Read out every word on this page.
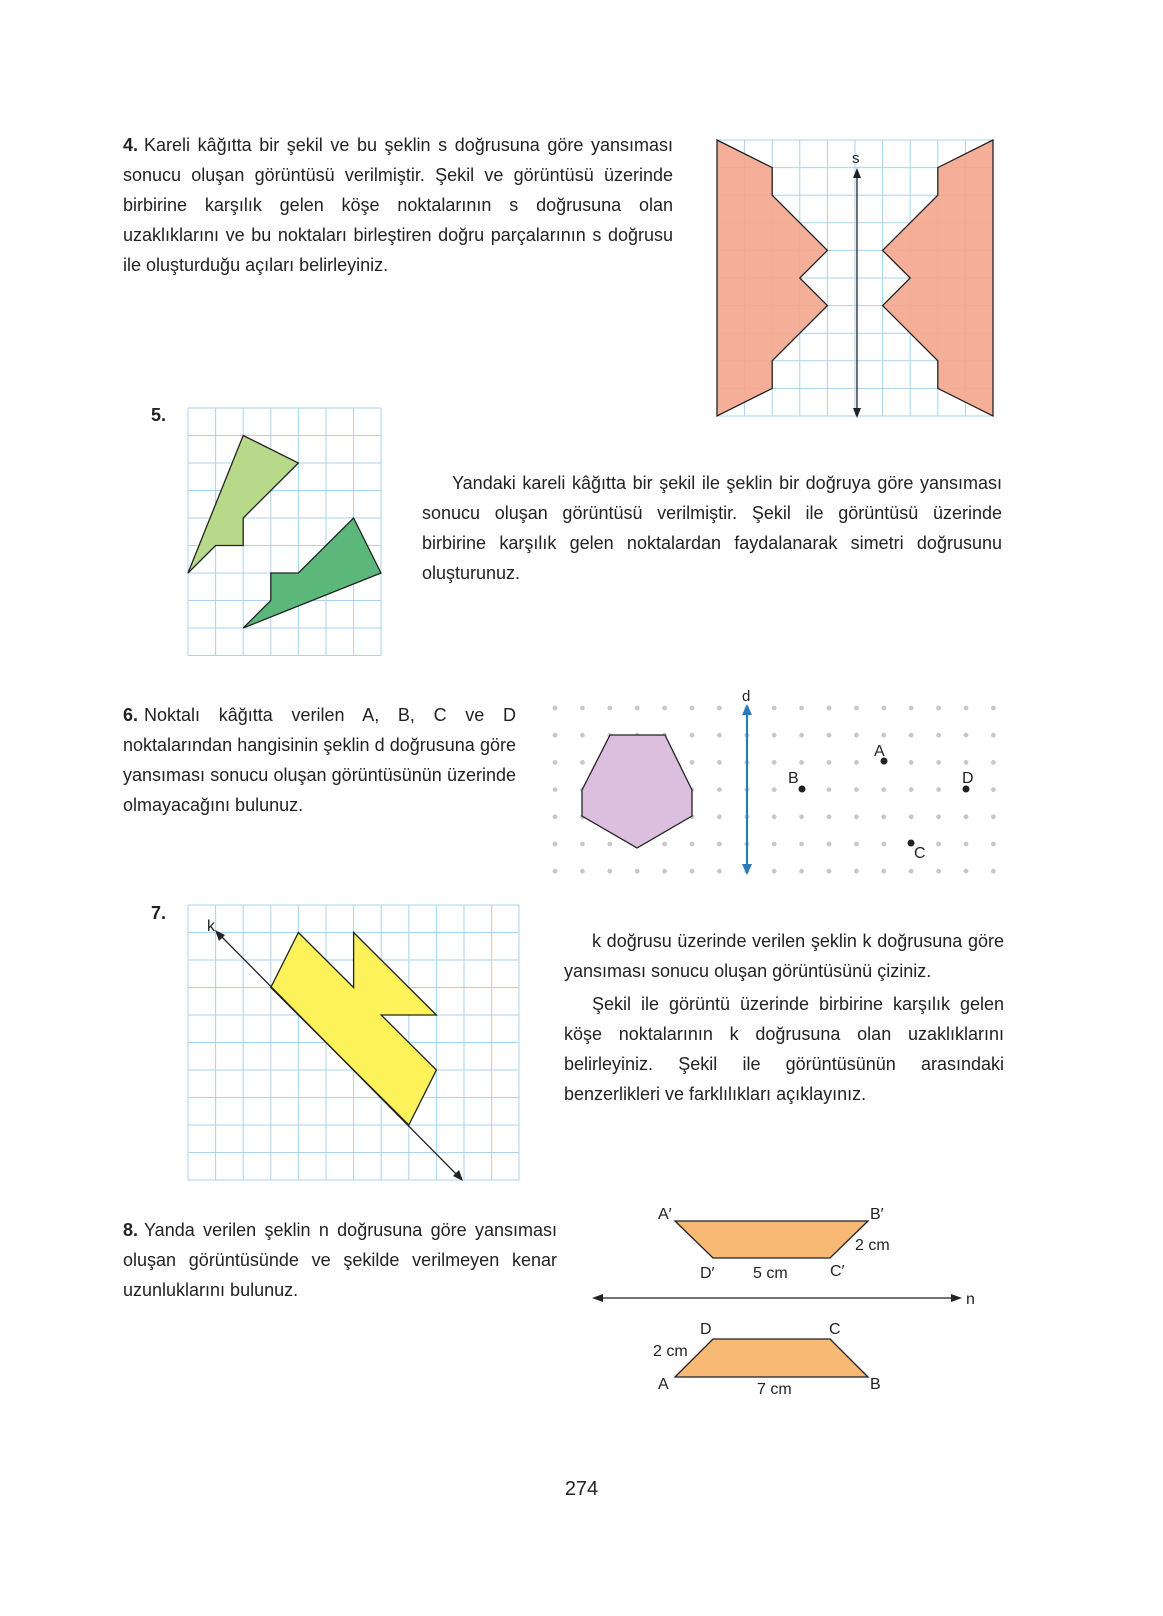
4. Kareli kâğıtta bir şekil ve bu şeklin s doğrusuna göre yansıması sonucu oluşan görüntüsü verilmiştir. Şekil ve görüntüsü üzerinde birbirine karşılık gelen köşe noktalarının s doğrusuna olan uzaklıklarını ve bu noktaları birleştiren doğru parçalarının s doğrusu ile oluşturduğu açıları belirleyiniz.

s
5.

Yandaki kareli kâğıtta bir şekil ile şeklin bir doğruya göre yansıması sonucu oluşan görüntüsü verilmiştir. Şekil ile görüntüsü üzerinde birbirine karşılık gelen noktalardan faydalanarak simetri doğrusunu oluşturunuz.

6. Noktalı kâğıtta verilen A, B, C ve D noktalarından hangisinin şeklin d doğrusuna göre yansıması sonucu oluşan görüntüsünün üzerinde olmayacağını bulunuz.

d
A
B
C
D
7.
k

k doğrusu üzerinde verilen şeklin k doğrusuna göre yansıması sonucu oluşan görüntüsünü çiziniz.

Şekil ile görüntü üzerinde birbirine karşılık gelen köşe noktalarının k doğrusuna olan uzaklıklarını belirleyiniz. Şekil ile görüntüsünün arasındaki benzerlikleri ve farklılıkları açıklayınız.

8. Yanda verilen şeklin n doğrusuna göre yansıması oluşan görüntüsünde ve şekilde verilmeyen kenar uzunluklarını bulunuz.

A′	B′
C′
D′
2 cm
5 cm
n
A	B
C
D
2 cm
7 cm
274
